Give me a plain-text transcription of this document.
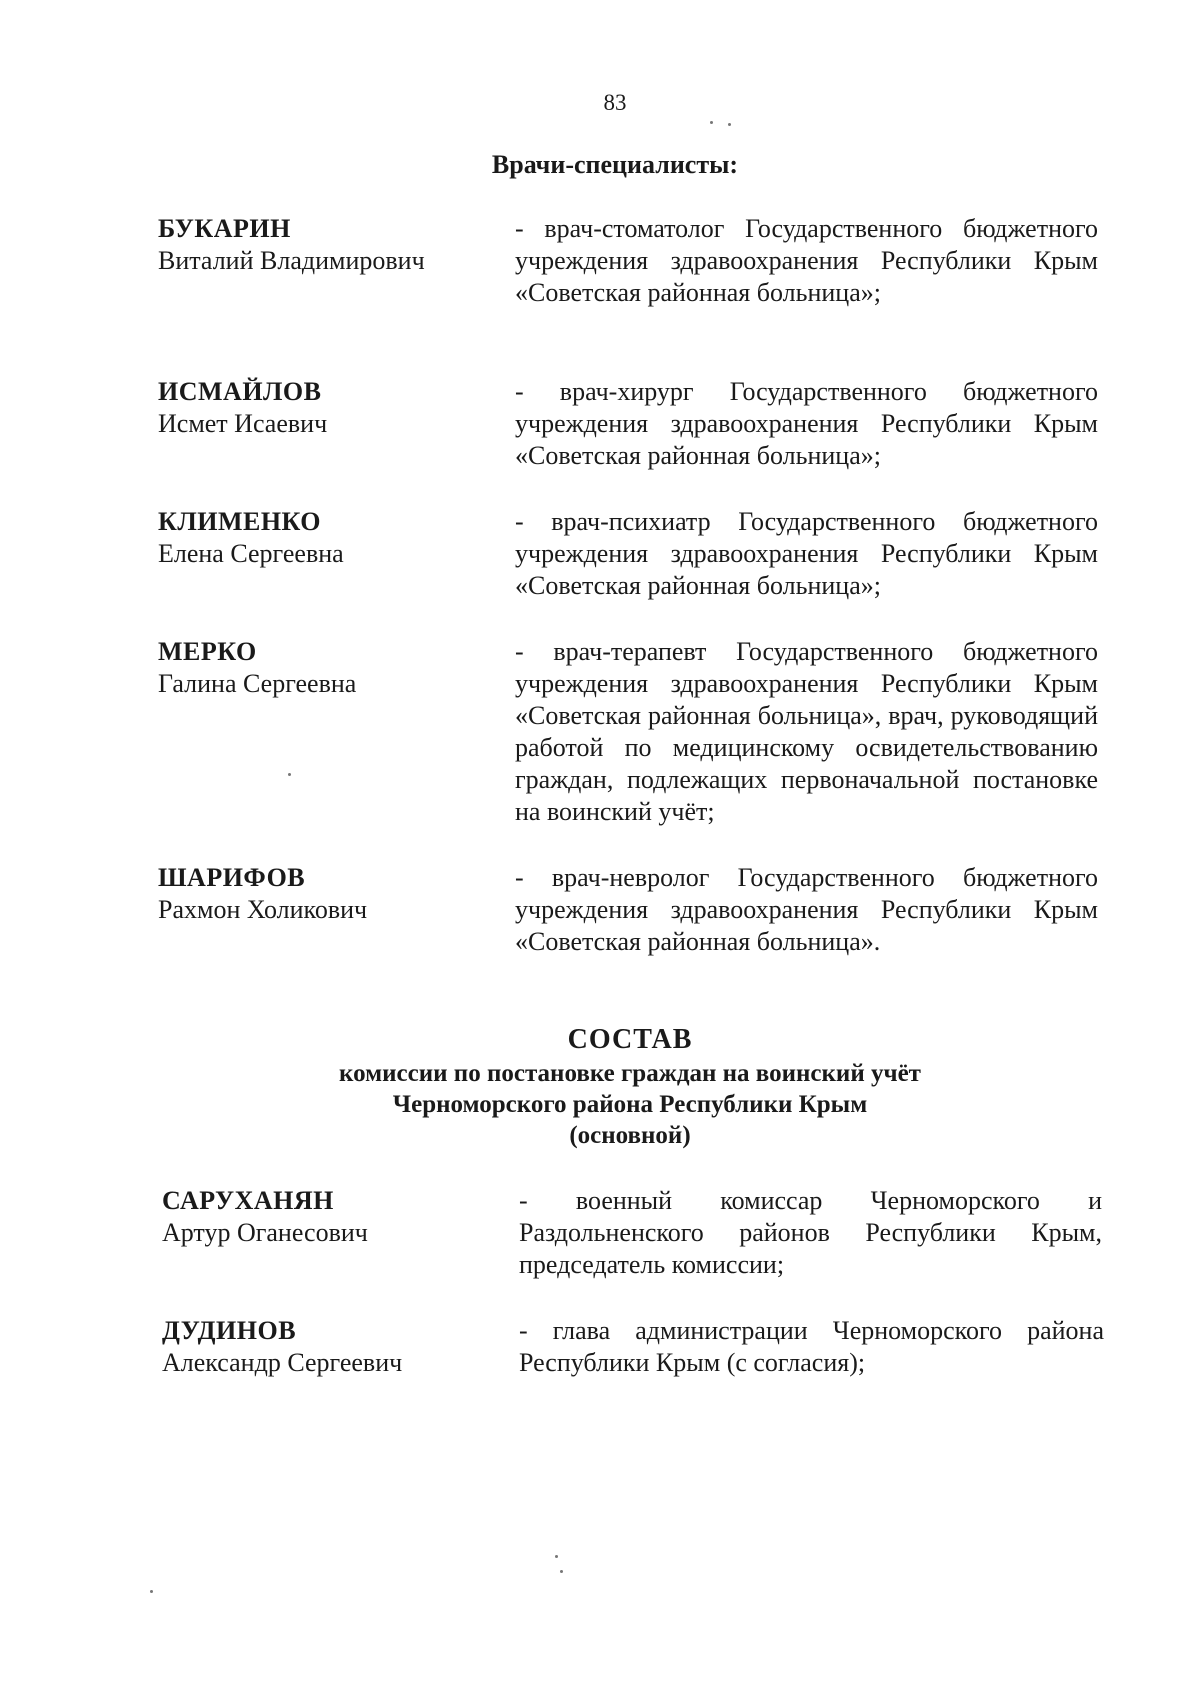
83
Врачи-специалисты:
БУКАРИН
Виталий Владимирович
- врач-стоматолог Государственного бюджетного учреждения здравоохранения Республики Крым «Советская районная больница»;
ИСМАЙЛОВ
Исмет Исаевич
- врач-хирург Государственного бюджетного учреждения здравоохранения Республики Крым «Советская районная больница»;
КЛИМЕНКО
Елена Сергеевна
- врач-психиатр Государственного бюджетного учреждения здравоохранения Республики Крым «Советская районная больница»;
МЕРКО
Галина Сергеевна
- врач-терапевт Государственного бюджетного учреждения здравоохранения Республики Крым «Советская районная больница», врач, руководящий работой по медицинскому освидетельствованию граждан, подлежащих первоначальной постановке на воинский учёт;
ШАРИФОВ
Рахмон Холикович
- врач-невролог Государственного бюджетного учреждения здравоохранения Республики Крым «Советская районная больница».
СОСТАВ
комиссии по постановке граждан на воинский учёт
Черноморского района Республики Крым
(основной)
САРУХАНЯН
Артур Оганесович
- военный комиссар Черноморского и Раздольненского районов Республики Крым, председатель комиссии;
ДУДИНОВ
Александр Сергеевич
- глава администрации Черноморского района Республики Крым (с согласия);
